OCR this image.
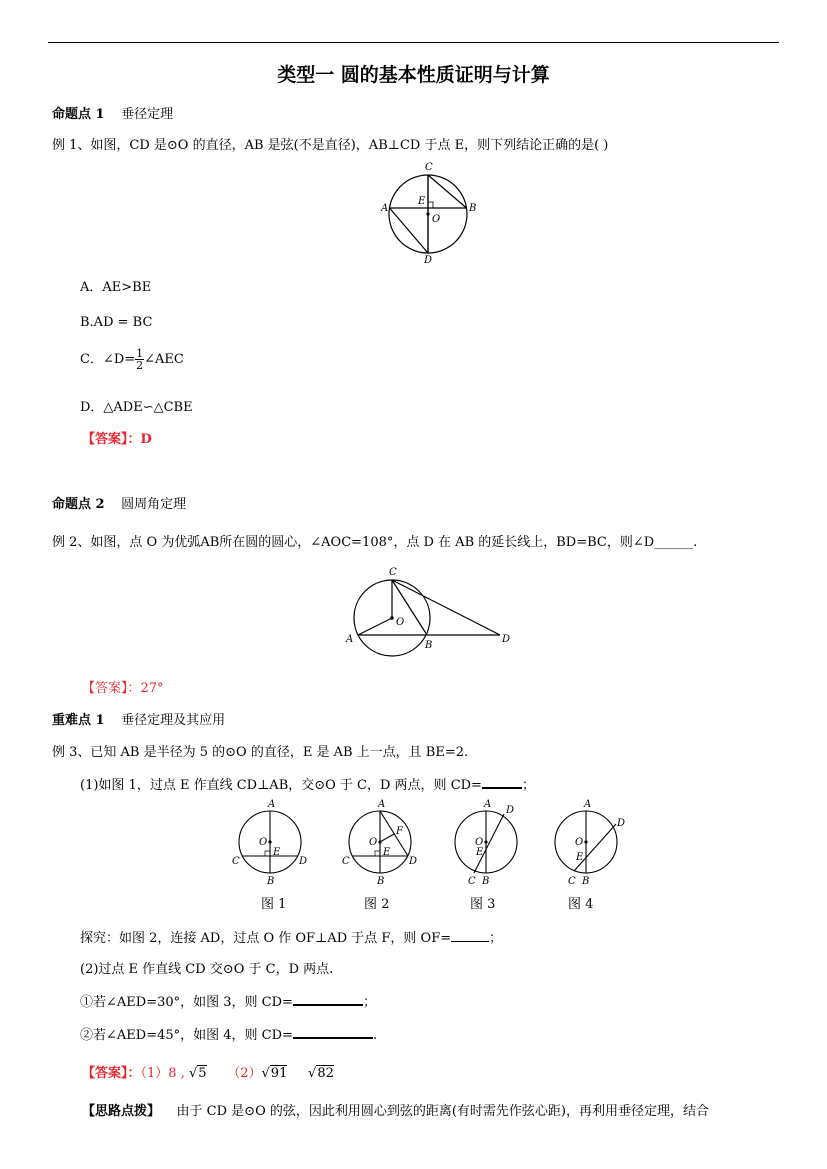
类型一 圆的基本性质证明与计算
命题点 1 垂径定理
例 1、如图，CD 是⊙O 的直径，AB 是弦(不是直径)，AB⊥CD 于点 E，则下列结论正确的是( )
C
A	B
E
O
D
A．AE>BE
B.AD = BC
C．∠D= $\frac{1}{2}$ ∠AEC
D．△ADE∽△CBE
【答案】：D
命题点 2 圆周角定理
例 2、如图，点 O 为优弧AB所在圆的圆心，∠AOC=108°，点 D 在 AB 的延长线上，BD=BC，则∠D______.
C
O
A
B
D
【答案】：27°
重难点 1 垂径定理及其应用
例 3、已知 AB 是半径为 5 的⊙O 的直径，E 是 AB 上一点，且 BE=2.
(1)如图 1，过点 E 作直线 CD⊥AB，交⊙O 于 C，D 两点，则 CD=	；
A
O
E
C	D
B
A
O
F
E
C	D
B
A
D
O
E
C B
A
D
O
E
C B
图 1	图 2	图 3	图 4
探究：如图 2，连接 AD，过点 O 作 OF⊥AD 于点 F，则 OF=	；
(2)过点 E 作直线 CD 交⊙O 于 C，D 两点.
①若∠AED=30°，如图 3，则 CD=	；
②若∠AED=45°，如图 4，则 CD=	.
【答案】：（1）8 , √5 （2）√91 √82
【思路点拨】 由于 CD 是⊙O 的弦，因此利用圆心到弦的距离(有时需先作弦心距)，再利用垂径定理，结合
